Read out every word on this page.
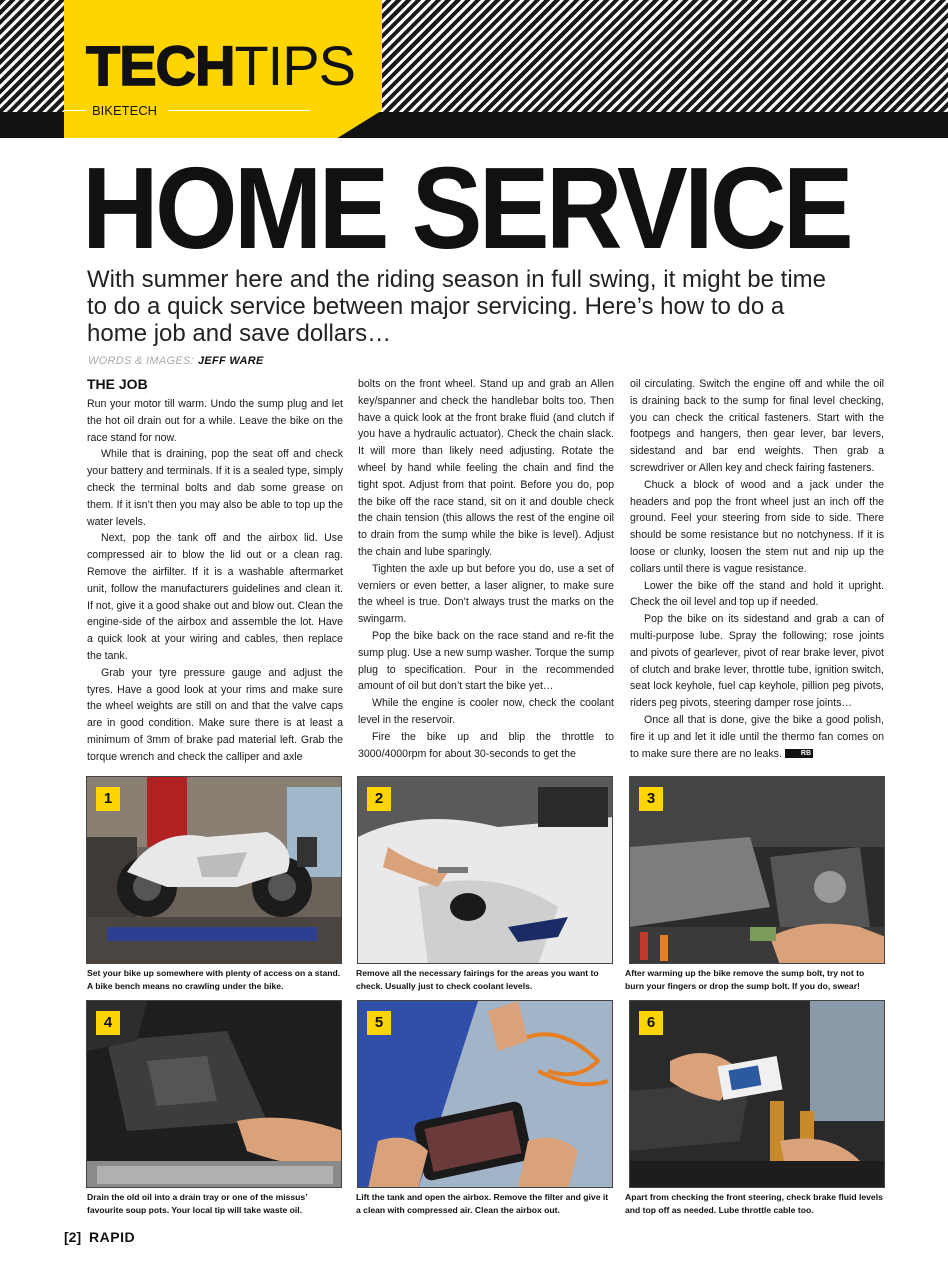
TECHTIPS
BIKETECH
HOME SERVICE

With summer here and the riding season in full swing, it might be time to do a quick service between major servicing. Here’s how to do a home job and save dollars…

WORDS & IMAGES: JEFF WARE
THE JOB

Run your motor till warm. Undo the sump plug and let the hot oil drain out for a while. Leave the bike on the race stand for now.

While that is draining, pop the seat off and check your battery and terminals. If it is a sealed type, simply check the terminal bolts and dab some grease on them. If it isn’t then you may also be able to top up the water levels.

Next, pop the tank off and the airbox lid. Use compressed air to blow the lid out or a clean rag. Remove the airfilter. If it is a washable aftermarket unit, follow the manufacturers guidelines and clean it. If not, give it a good shake out and blow out. Clean the engine-side of the airbox and assemble the lot. Have a quick look at your wiring and cables, then replace the tank.

Grab your tyre pressure gauge and adjust the tyres. Have a good look at your rims and make sure the wheel weights are still on and that the valve caps are in good condition. Make sure there is at least a minimum of 3mm of brake pad material left. Grab the torque wrench and check the calliper and axle

bolts on the front wheel. Stand up and grab an Allen key/spanner and check the handlebar bolts too. Then have a quick look at the front brake fluid (and clutch if you have a hydraulic actuator). Check the chain slack. It will more than likely need adjusting. Rotate the wheel by hand while feeling the chain and find the tight spot. Adjust from that point. Before you do, pop the bike off the race stand, sit on it and double check the chain tension (this allows the rest of the engine oil to drain from the sump while the bike is level). Adjust the chain and lube sparingly.

Tighten the axle up but before you do, use a set of verniers or even better, a laser aligner, to make sure the wheel is true. Don’t always trust the marks on the swingarm.

Pop the bike back on the race stand and re-fit the sump plug. Use a new sump washer. Torque the sump plug to specification. Pour in the recommended amount of oil but don’t start the bike yet…

While the engine is cooler now, check the coolant level in the reservoir.

Fire the bike up and blip the throttle to 3000/4000rpm for about 30-seconds to get the

oil circulating. Switch the engine off and while the oil is draining back to the sump for final level checking, you can check the critical fasteners. Start with the footpegs and hangers, then gear lever, bar levers, sidestand and bar end weights. Then grab a screwdriver or Allen key and check fairing fasteners.

Chuck a block of wood and a jack under the headers and pop the front wheel just an inch off the ground. Feel your steering from side to side. There should be some resistance but no notchyness. If it is loose or clunky, loosen the stem nut and nip up the collars until there is vague resistance.

Lower the bike off the stand and hold it upright. Check the oil level and top up if needed.

Pop the bike on its sidestand and grab a can of multi-purpose lube. Spray the following; rose joints and pivots of gearlever, pivot of rear brake lever, pivot of clutch and brake lever, throttle tube, ignition switch, seat lock keyhole, fuel cap keyhole, pillion peg pivots, riders peg pivots, steering damper rose joints…

Once all that is done, give the bike a good polish, fire it up and let it idle until the thermo fan comes on to make sure there are no leaks.	RB

1
Set your bike up somewhere with plenty of access on a stand. A bike bench means no crawling under the bike.
2
Remove all the necessary fairings for the areas you want to check. Usually just to check coolant levels.
3
After warming up the bike remove the sump bolt, try not to burn your fingers or drop the sump bolt. If you do, swear!
4
Drain the old oil into a drain tray or one of the missus’ favourite soup pots. Your local tip will take waste oil.
5
Lift the tank and open the airbox. Remove the filter and give it a clean with compressed air. Clean the airbox out.
6
Apart from checking the front steering, check brake fluid levels and top off as needed. Lube throttle cable too.
[2] RAPID
